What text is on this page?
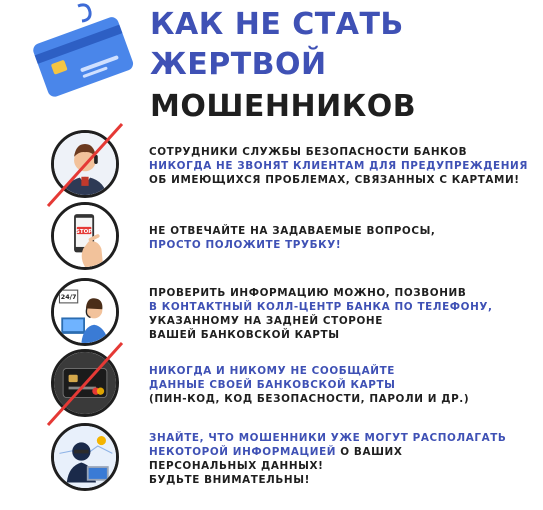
КАК НЕ СТАТЬ
ЖЕРТВОЙ
МОШЕННИКОВ
СОТРУДНИКИ СЛУЖБЫ БЕЗОПАСНОСТИ БАНКОВ
НИКОГДА НЕ ЗВОНЯТ КЛИЕНТАМ ДЛЯ ПРЕДУПРЕЖДЕНИЯ
ОБ ИМЕЮЩИХСЯ ПРОБЛЕМАХ, СВЯЗАННЫХ С КАРТАМИ!
STOP	НЕ ОТВЕЧАЙТЕ НА ЗАДАВАЕМЫЕ ВОПРОСЫ,
ПРОСТО ПОЛОЖИТЕ ТРУБКУ!
24/7	ПРОВЕРИТЬ ИНФОРМАЦИЮ МОЖНО, ПОЗВОНИВ
В КОНТАКТНЫЙ КОЛЛ-ЦЕНТР БАНКА ПО ТЕЛЕФОНУ,
УКАЗАННОМУ НА ЗАДНЕЙ СТОРОНЕ
ВАШЕЙ БАНКОВСКОЙ КАРТЫ
НИКОГДА И НИКОМУ НЕ СООБЩАЙТЕ
ДАННЫЕ СВОЕЙ БАНКОВСКОЙ КАРТЫ
(ПИН-КОД, КОД БЕЗОПАСНОСТИ, ПАРОЛИ И ДР.)
ЗНАЙТЕ, ЧТО МОШЕННИКИ УЖЕ МОГУТ РАСПОЛАГАТЬ
НЕКОТОРОЙ ИНФОРМАЦИЕЙ О ВАШИХ
ПЕРСОНАЛЬНЫХ ДАННЫХ!
БУДЬТЕ ВНИМАТЕЛЬНЫ!
